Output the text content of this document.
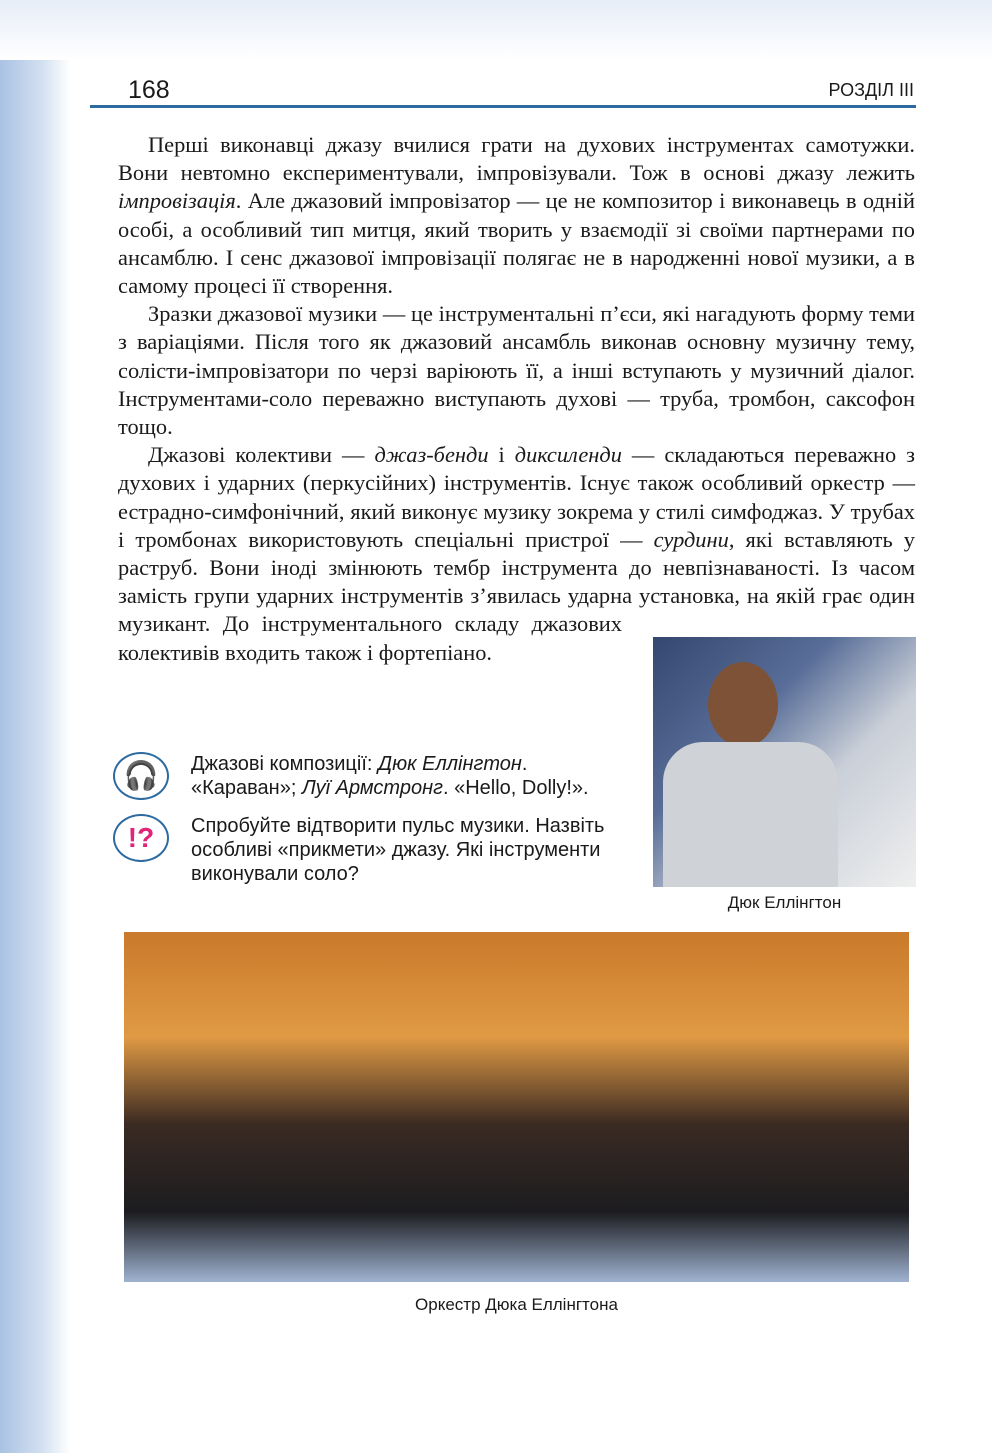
168	РОЗДІЛ ІІІ

Перші виконавці джазу вчилися грати на духових інструментах самотужки. Вони невтомно експериментували, імпровізували. Тож в основі джазу лежить імпровізація. Але джазовий імпровізатор — це не композитор і виконавець в одній особі, а особливий тип митця, який творить у взаємодії зі своїми партнерами по ансамблю. І сенс джазової імпровізації полягає не в народженні нової музики, а в самому процесі її створення.

Зразки джазової музики — це інструментальні п’єси, які нагадують форму теми з варіаціями. Після того як джазовий ансамбль виконав основну музичну тему, солісти-імпровізатори по черзі варіюють її, а інші вступають у музичний діалог. Інструментами-соло переважно виступають духові — труба, тромбон, саксофон тощо.

Джазові колективи — джаз-бенди і диксиленди — складаються переважно з духових і ударних (перкусійних) інструментів. Існує також особливий оркестр — естрадно-симфонічний, який виконує музику зокрема у стилі симфоджаз. У трубах і тромбонах використовують спеціальні пристрої — сурдини, які вставляють у раструб. Вони іноді змінюють тембр інструмента до невпізнаваності. Із часом замість групи ударних інструментів з’явилась ударна установка, на якій грає один музикант. До інструментального складу джазових колективів входить також і фортепіано.

Дюк Еллінгтон
🎧	Джазові композиції: Дюк Еллінгтон. «Караван»; Луї Армстронг. «Hello, Dolly!».
!?	Спробуйте відтворити пульс музики. Назвіть особливі «прикмети» джазу. Які інструменти виконували соло?
Оркестр Дюка Еллінгтона
